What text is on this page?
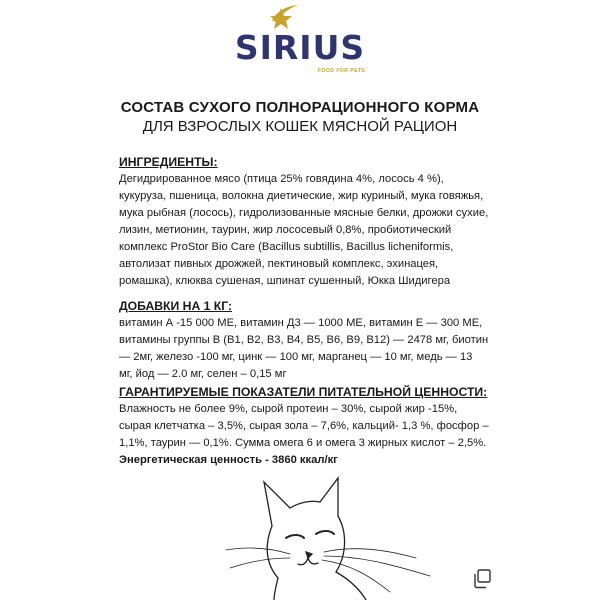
SIRIUS
FOOD FOR PETS
СОСТАВ СУХОГО ПОЛНОРАЦИОННОГО КОРМА
ДЛЯ ВЗРОСЛЫХ КОШЕК МЯСНОЙ РАЦИОН
ИНГРЕДИЕНТЫ:

Дегидрированное мясо (птица 25% говядина 4%, лосось 4 %), кукуруза, пшеница, волокна диетические, жир куриный, мука говяжья, мука рыбная (лосось), гидролизованные мясные белки, дрожжи сухие, лизин, метионин, таурин, жир лососевый 0,8%, пробиотический комплекс ProStor Bio Care (Bacillus subtillis, Bacillus licheniformis, автолизат пивных дрожжей, пектиновый комплекс, эхинацея, ромашка), клюква сушеная, шпинат сушенный, Юкка Шидигера

ДОБАВКИ НА 1 КГ:

витамин А -15 000 МЕ, витамин Д3 — 1000 МЕ, витамин Е — 300 МЕ, витамины группы В (В1, В2, В3, В4, В5, В6, В9, В12) — 2478 мг, биотин — 2мг, железо -100 мг, цинк — 100 мг, марганец — 10 мг, медь — 13 мг, йод — 2.0 мг, селен – 0,15 мг

ГАРАНТИРУЕМЫЕ ПОКАЗАТЕЛИ ПИТАТЕЛЬНОЙ ЦЕННОСТИ:

Влажность не более 9%, сырой протеин – 30%, сырой жир -15%, сырая клетчатка – 3,5%, сырая зола – 7,6%, кальций- 1,3 %, фосфор – 1,1%, таурин — 0,1%. Сумма омега 6 и омега 3 жирных кислот – 2,5%.

Энергетическая ценность - 3860 ккал/кг
